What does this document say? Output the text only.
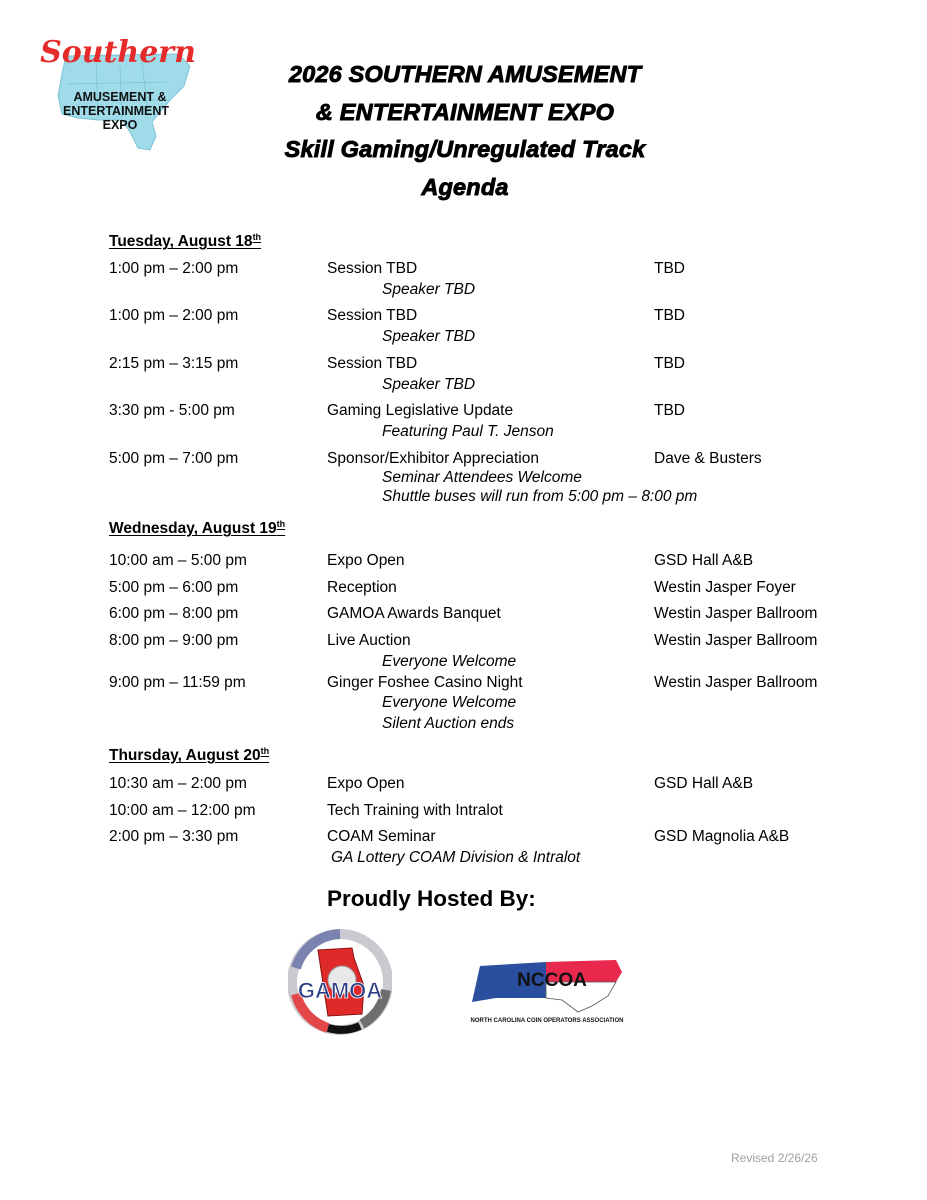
Southern
AMUSEMENT &
ENTERTAINMENT
EXPO
2026 SOUTHERN AMUSEMENT
& ENTERTAINMENT EXPO
Skill Gaming/Unregulated Track
Agenda
Tuesday, August 18th
1:00 pm – 2:00 pm	Session TBD	TBD
Speaker TBD
1:00 pm – 2:00 pm	Session TBD	TBD
Speaker TBD
2:15 pm – 3:15 pm	Session TBD	TBD
Speaker TBD
3:30 pm - 5:00 pm	Gaming Legislative Update	TBD
Featuring Paul T. Jenson
5:00 pm – 7:00 pm	Sponsor/Exhibitor Appreciation	Dave & Busters
Seminar Attendees Welcome
Shuttle buses will run from 5:00 pm – 8:00 pm
Wednesday, August 19th
10:00 am – 5:00 pm	Expo Open	GSD Hall A&B
5:00 pm – 6:00 pm	Reception	Westin Jasper Foyer
6:00 pm – 8:00 pm	GAMOA Awards Banquet	Westin Jasper Ballroom
8:00 pm – 9:00 pm	Live Auction	Westin Jasper Ballroom
Everyone Welcome
9:00 pm – 11:59 pm	Ginger Foshee Casino Night	Westin Jasper Ballroom
Everyone Welcome
Silent Auction ends
Thursday, August 20th
10:30 am – 2:00 pm	Expo Open	GSD Hall A&B
10:00 am – 12:00 pm	Tech Training with Intralot
2:00 pm – 3:30 pm	COAM Seminar	GSD Magnolia A&B
GA Lottery COAM Division & Intralot
Proudly Hosted By:
GAMOA	NCCOA
NORTH CAROLINA COIN OPERATORS ASSOCIATION
Revised 2/26/26
